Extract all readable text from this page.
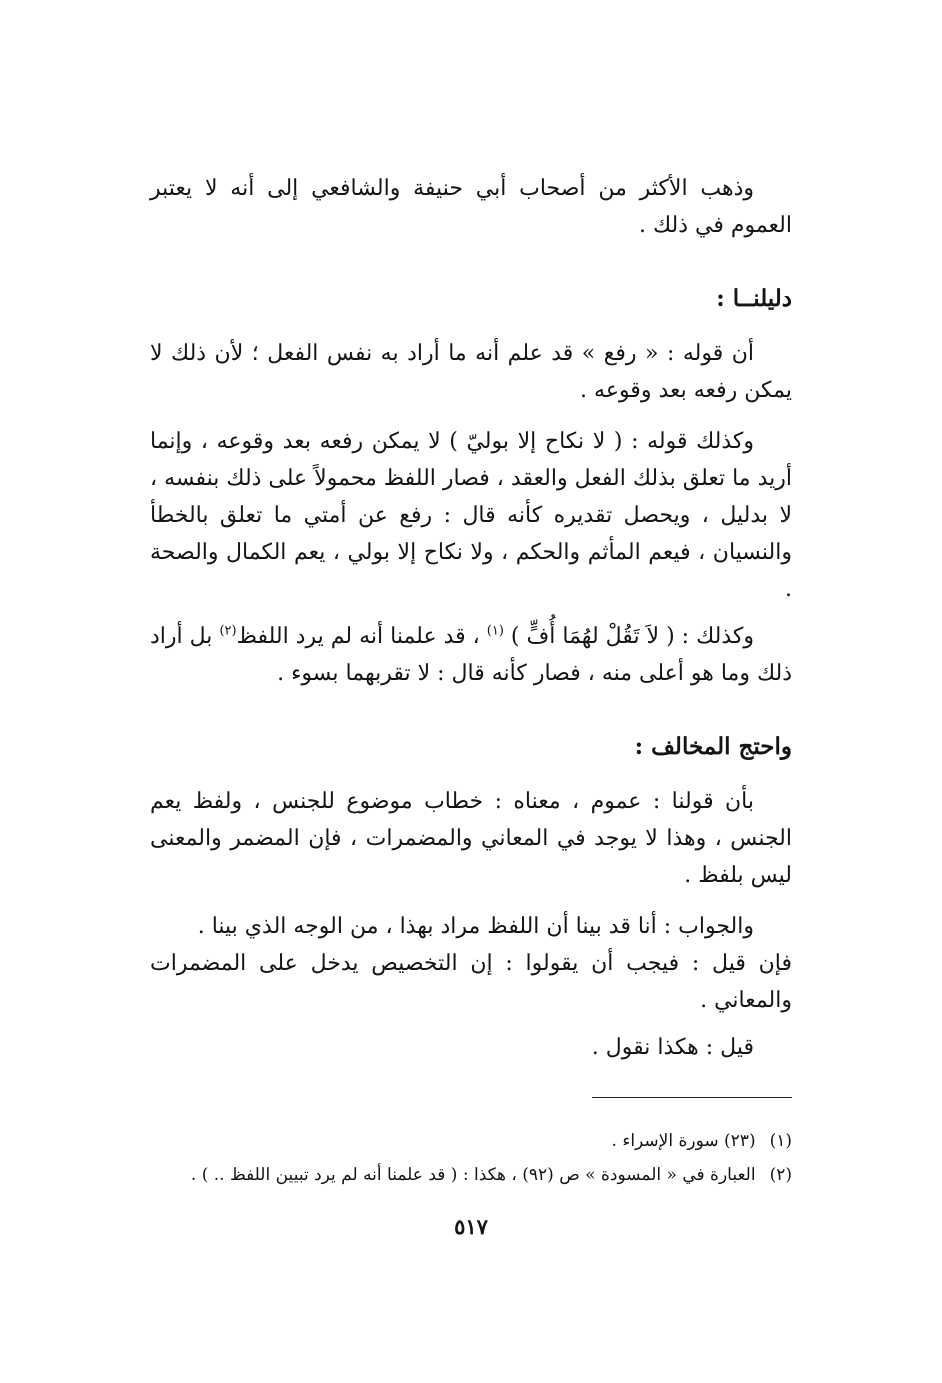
وذهب الأكثر من أصحاب أبي حنيفة والشافعي إلى أنه لا يعتبر العموم في ذلك .

دليلنــا :

أن قوله : « رفع » قد علم أنه ما أراد به نفس الفعل ؛ لأن ذلك لا يمكن رفعه بعد وقوعه .

وكذلك قوله : ( لا نكاح إلا بوليّ ) لا يمكن رفعه بعد وقوعه ، وإنما أريد ما تعلق بذلك الفعل والعقد ، فصار اللفظ محمولاً على ذلك بنفسه ، لا بدليل ، ويحصل تقديره كأنه قال : رفع عن أمتي ما تعلق بالخطأ والنسيان ، فيعم المأثم والحكم ، ولا نكاح إلا بولي ، يعم الكمال والصحة .

وكذلك : ( لاَ تَقُلْ لهُمَا أُفٍّ ) $^{(١)}$ ، قد علمنا أنه لم يرد اللفظ$^{(٢)}$ بل أراد ذلك وما هو أعلى منه ، فصار كأنه قال : لا تقربهما بسوء .

واحتج المخالف :

بأن قولنا : عموم ، معناه : خطاب موضوع للجنس ، ولفظ يعم الجنس ، وهذا لا يوجد في المعاني والمضمرات ، فإن المضمر والمعنى ليس بلفظ .

والجواب : أنا قد بينا أن اللفظ مراد بهذا ، من الوجه الذي بينا .

فإن قيل : فيجب أن يقولوا : إن التخصيص يدخل على المضمرات والمعاني .

قيل : هكذا نقول .

(١)(٢٣) سورة الإسراء .
(٢)العبارة في « المسودة » ص (٩٢) ، هكذا : ( قد علمنا أنه لم يرد تبيين اللفظ .. ) .
٥١٧
